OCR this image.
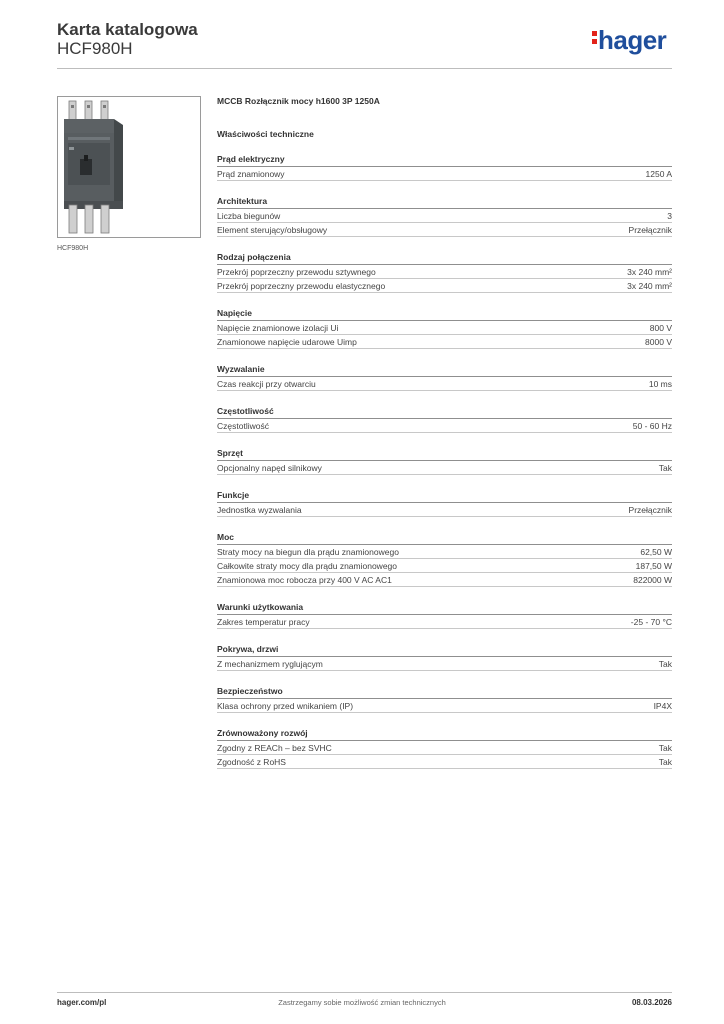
Karta katalogowa
HCF980H	hager
HCF980H
MCCB Rozłącznik mocy h1600 3P 1250A
Właściwości techniczne
Prąd elektryczny
Prąd znamionowy	1250 A
Architektura
Liczba biegunów	3
Element sterujący/obsługowy	Przełącznik
Rodzaj połączenia
Przekrój poprzeczny przewodu sztywnego	3x 240 mm²
Przekrój poprzeczny przewodu elastycznego	3x 240 mm²
Napięcie
Napięcie znamionowe izolacji Ui	800 V
Znamionowe napięcie udarowe Uimp	8000 V
Wyzwalanie
Czas reakcji przy otwarciu	10 ms
Częstotliwość
Częstotliwość	50 - 60 Hz
Sprzęt
Opcjonalny napęd silnikowy	Tak
Funkcje
Jednostka wyzwalania	Przełącznik
Moc
Straty mocy na biegun dla prądu znamionowego	62,50 W
Całkowite straty mocy dla prądu znamionowego	187,50 W
Znamionowa moc robocza przy 400 V AC AC1	822000 W
Warunki użytkowania
Zakres temperatur pracy	-25 - 70 °C
Pokrywa, drzwi
Z mechanizmem ryglującym	Tak
Bezpieczeństwo
Klasa ochrony przed wnikaniem (IP)	IP4X
Zrównoważony rozwój
Zgodny z REACh – bez SVHC	Tak
Zgodność z RoHS	Tak
hager.com/pl	Zastrzegamy sobie możliwość zmian technicznych	08.03.2026
